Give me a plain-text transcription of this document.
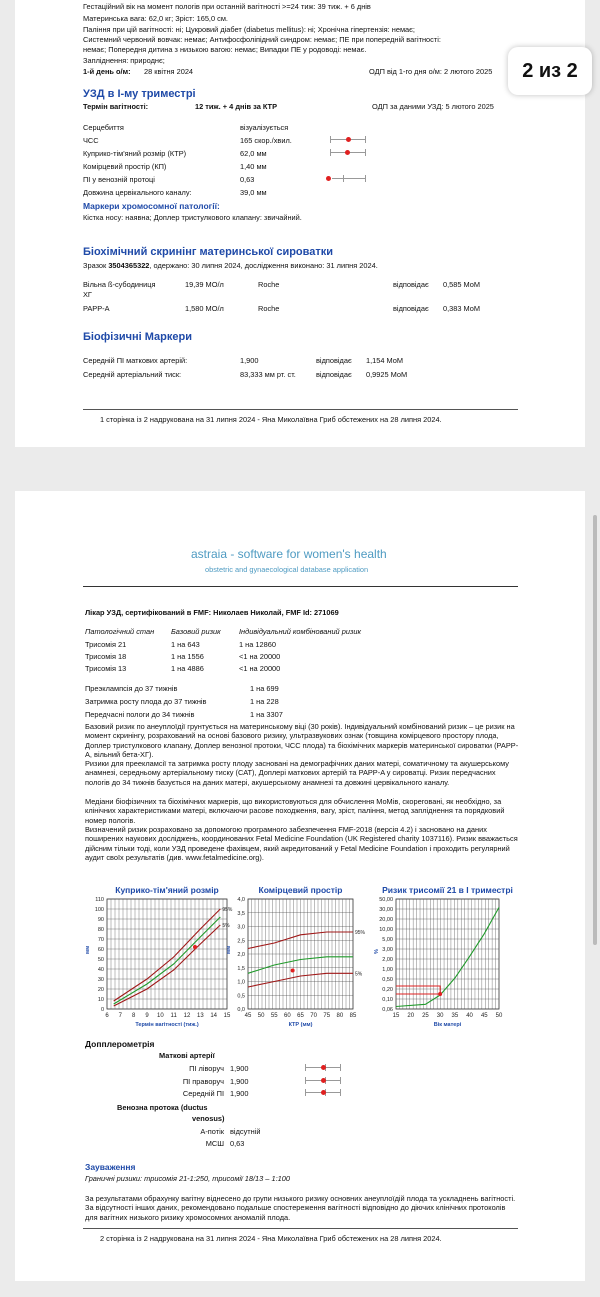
Гестаційний вік на момент пологів при останній вагітності >=24 тиж: 39 тиж. + 6 днів
Материнська вага: 62,0 кг; Зріст: 165,0 см.
Паління при цій вагітності: ні; Цукровий діабет (diabetus mellitus): ні; Хронічна гіпертензія: немає;
Системний червоний вовчак: немає; Антифосфоліпідний синдром: немає; ПЕ при попередній вагітності:
немає; Попередня дитина з низькою вагою: немає; Випадки ПЕ у родоводі: немає.
Запліднення: природнє;
1-й день о/м: 28 квітня 2024	ОДП від 1-го дня о/м: 2 лютого 2025
УЗД в І-му триместрі
Термін вагітності:	12 тиж. + 4 днів за КТР	ОДП за даними УЗД: 5 лютого 2025
Серцебиття	візуалізується
ЧСС	165 скор./хвил.
Куприко-тім'яний розмір (КТР)	62,0 мм
Комірцевий простір (КП)	1,40 мм
ПІ у венозній протоці	0,63
Довжина цервікального каналу:	39,0 мм
Маркери хромосомної патології:
Кістка носу: наявна; Доплер тристулкового клапану: звичайний.
Біохімічний скринінг материнської сироватки
Зразок 3504365322, одержано: 30 липня 2024, дослідження виконано: 31 липня 2024.
Вільна ß-субодиниця
ХГ
19,39 МО/л	Roche	відповідає 0,585 МоМ
PAPP-A	1,580 МО/л	Roche	відповідає 0,383 МоМ
Біофізичні Маркери
Середній ПІ маткових артерій:	1,900	відповідає 1,154 МоМ
Середній артеріальний тиск:	83,333 мм рт. ст.	відповідає 0,9925 МоМ
1 сторінка із 2 надрукована на 31 липня 2024 - Яна Миколаївна Гриб обстежених на 28 липня 2024.
2 из 2
astraia - software for women's health
obstetric and gynaecological database application
Лікар УЗД, сертифікований в FMF: Николаев Николай, FMF Id: 271069
Патологічний стан Базовий ризик Індивідуальний комбінований ризик
Трисомія 21	1 на 643	1 на 12860
Трисомія 18	1 на 1556	<1 на 20000
Трисомія 13	1 на 4886	<1 на 20000
Преэклампсія до 37 тижнів	1 на 699
Затримка росту плода до 37 тижнів	1 на 228
Передчасні пологи до 34 тижнів	1 на 3307
Базовий ризик по анеуплоїдії грунтується на материнському віці (30 років). Індивідуальний комбінований ризик – це ризик на момент скринінгу, розрахований на основі базового ризику, ультразвукових ознак (товщина комірцевого простору плода, Доплер тристулкового клапану, Доплер венозної протоки, ЧСС плода) та біохімічних маркерів материнської сироватки (PAPP-A, вільний бета-ХГ).
Ризики для преекламсії та затримка росту плоду засновані на демографічних даних матері, соматичному та акушерському анамнезі, середньому артеріальному тиску (САТ), Доплері маткових артерій та PAPP-A у сироватці. Ризик передчасних пологів до 34 тижнів базується на даних матері, акушерському анамнезі та довжині цервікального каналу.
Медіани біофізичних та біохімічних маркерів, що використовуються для обчислення МоМів, скореговані, як необхідно, за клінічних характеристиками матері, включаючи расове походження, вагу, зріст, паління, метод запліднення та порядковий номер пологів.
Визначений ризик розраховано за допомогою програмного забезпечення FMF-2018 (версія 4.2) і засновано на даних поширених наукових досліджень, координованих Fetal Medicine Foundation (UK Registered charity 1037116). Ризик вважається дійсним тільки тоді, коли УЗД проведене фахівцем, який акредитований у Fetal Medicine Foundation і проходить регулярний аудит своїх результатів (див. www.fetalmedicine.org).
Куприко-тім'яний розмір
0
10
20
30
40
50
60
70
80
90
100
110
6 7 8 9 10 11 12 13 14 15
Термін вагітності (тиж.)
мм
95%
5%
Комірцевий простір
0,0
0,5
1,0
1,5
2,0
2,5
3,0
3,5
4,0
45 50 55 60 65 70 75 80 85
КТР (мм)
мм
95%
5%
Ризик трисомії 21 в І триместрі
0,06
0,10
0,20
0,50
1,00
2,00
3,00
5,00
10,00
20,00
30,00
50,00
15 20 25 30 35 40 45 50
Вік матері
%
Допплерометрія
Маткові артерії
ПІ ліворуч 1,900
ПІ праворуч 1,900
Середній ПІ 1,900
Венозна протока (ductus
venosus)
А-потік відсутній
МСШ 0,63
Зауваження
Граничні ризики: трисомія 21-1:250, трисомії 18/13 – 1:100
За результатами обрахунку вагітну віднесено до групи низького ризику основних анеуплоїдій плода та ускладнень вагітності. За відсутності інших даних, рекомендовано подальше спостереження вагітності відповідно до діючих клінічних протоколів для вагітних низького ризику хромосомних аномалій плода.
2 сторінка із 2 надрукована на 31 липня 2024 - Яна Миколаївна Гриб обстежених на 28 липня 2024.
